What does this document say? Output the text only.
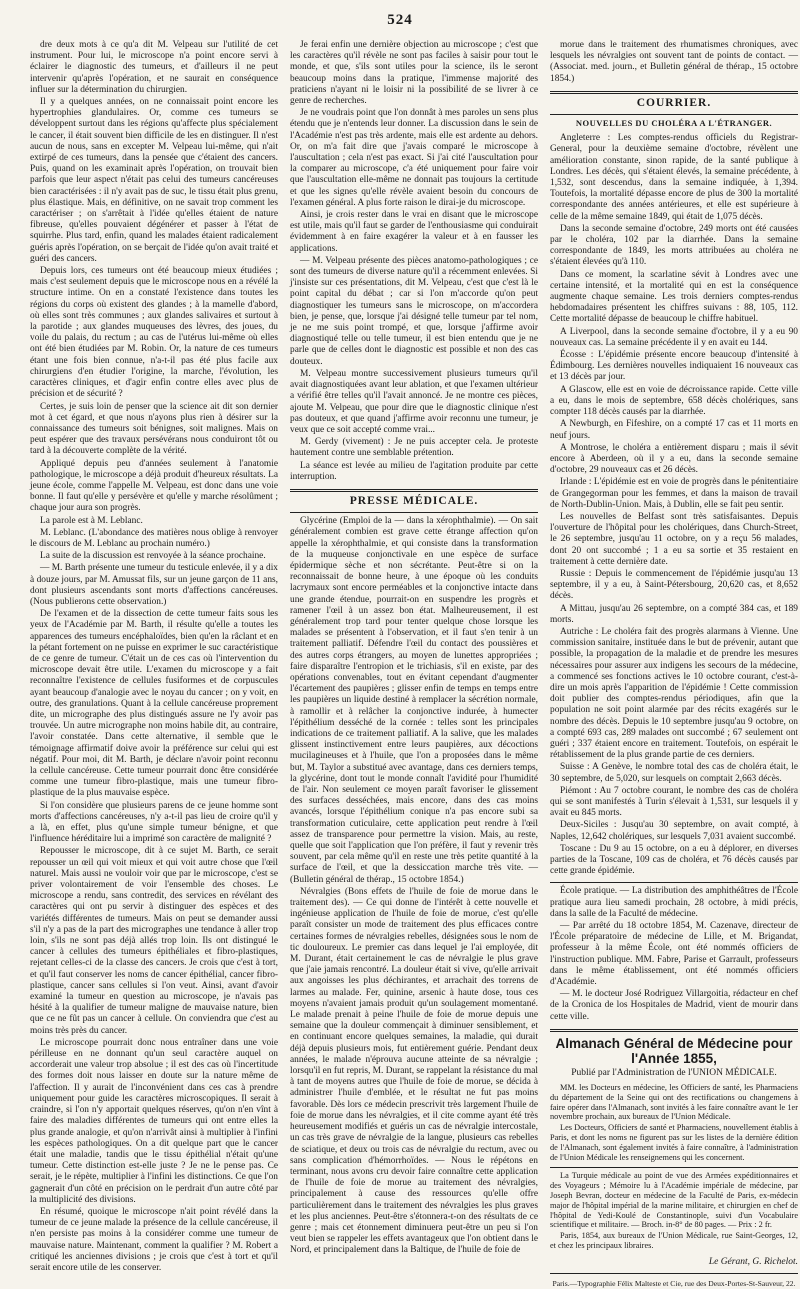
524

dre deux mots à ce qu'a dit M. Velpeau sur l'utilité de cet instrument. Pour lui, le microscope n'a point encore servi à éclairer le diagnostic des tumeurs, et d'ailleurs il ne peut intervenir qu'après l'opération, et ne saurait en conséquence influer sur la détermination du chirurgien.

Il y a quelques années, on ne connaissait point encore les hypertrophies glandulaires. Or, comme ces tumeurs se développent surtout dans les régions qu'affecte plus spécialement le cancer, il était souvent bien difficile de les en distinguer. Il n'est aucun de nous, sans en excepter M. Velpeau lui-même, qui n'ait extirpé de ces tumeurs, dans la pensée que c'étaient des cancers. Puis, quand on les examinait après l'opération, on trouvait bien parfois que leur aspect n'était pas celui des tumeurs cancéreuses bien caractérisées : il n'y avait pas de suc, le tissu était plus grenu, plus élastique. Mais, en définitive, on ne savait trop comment les caractériser ; on s'arrêtait à l'idée qu'elles étaient de nature fibreuse, qu'elles pouvaient dégénérer et passer à l'état de squirrhe. Plus tard, enfin, quand les malades étaient radicalement guéris après l'opération, on se berçait de l'idée qu'on avait traité et guéri des cancers.

Depuis lors, ces tumeurs ont été beaucoup mieux étudiées ; mais c'est seulement depuis que le microscope nous en a révélé la structure intime. On en a constaté l'existence dans toutes les régions du corps où existent des glandes ; à la mamelle d'abord, où elles sont très communes ; aux glandes salivaires et surtout à la parotide ; aux glandes muqueuses des lèvres, des joues, du voile du palais, du rectum ; au cas de l'utérus lui-même où elles ont été bien étudiées par M. Robin. Or, la nature de ces tumeurs étant une fois bien connue, n'a-t-il pas été plus facile aux chirurgiens d'en étudier l'origine, la marche, l'évolution, les caractères cliniques, et d'agir enfin contre elles avec plus de précision et de sécurité ?

Certes, je suis loin de penser que la science ait dit son dernier mot à cet égard, et que nous n'ayons plus rien à désirer sur la connaissance des tumeurs soit bénignes, soit malignes. Mais on peut espérer que des travaux persévérans nous conduiront tôt ou tard à la découverte complète de la vérité.

Appliqué depuis peu d'années seulement à l'anatomie pathologique, le microscope a déjà produit d'heureux résultats. La jeune école, comme l'appelle M. Velpeau, est donc dans une voie bonne. Il faut qu'elle y persévère et qu'elle y marche résolûment ; chaque jour aura son progrès.

La parole est à M. Leblanc.

M. Leblanc. (L'abondance des matières nous oblige à renvoyer le discours de M. Leblanc au prochain numéro.)

La suite de la discussion est renvoyée à la séance prochaine.

— M. Barth présente une tumeur du testicule enlevée, il y a dix à douze jours, par M. Amussat fils, sur un jeune garçon de 11 ans, dont plusieurs ascendants sont morts d'affections cancéreuses. (Nous publierons cette observation.)

De l'examen et de la dissection de cette tumeur faits sous les yeux de l'Académie par M. Barth, il résulte qu'elle a toutes les apparences des tumeurs encéphaloïdes, bien qu'en la râclant et en la pétant fortement on ne puisse en exprimer le suc caractéristique de ce genre de tumeur. C'était un de ces cas où l'intervention du microscope devait être utile. L'examen du microscope y a fait reconnaître l'existence de cellules fusiformes et de corpuscules ayant beaucoup d'analogie avec le noyau du cancer ; on y voit, en outre, des granulations. Quant à la cellule cancéreuse proprement dite, un micrographe des plus distingués assure ne l'y avoir pas trouvée. Un autre micrographe non moins habile dit, au contraire, l'avoir constatée. Dans cette alternative, il semble que le témoignage affirmatif doive avoir la préférence sur celui qui est négatif. Pour moi, dit M. Barth, je déclare n'avoir point reconnu la cellule cancéreuse. Cette tumeur pourrait donc être considérée comme une tumeur fibro-plastique, mais une tumeur fibro-plastique de la plus mauvaise espèce.

Si l'on considère que plusieurs parens de ce jeune homme sont morts d'affections cancéreuses, n'y a-t-il pas lieu de croire qu'il y a là, en effet, plus qu'une simple tumeur bénigne, et que l'influence héréditaire lui a imprimé son caractère de malignité ?

Repousser le microscope, dit à ce sujet M. Barth, ce serait repousser un œil qui voit mieux et qui voit autre chose que l'œil naturel. Mais aussi ne vouloir voir que par le microscope, c'est se priver volontairement de voir l'ensemble des choses. Le microscope a rendu, sans contredit, des services en révélant des caractères qui ont pu servir à distinguer des espèces et des variétés différentes de tumeurs. Mais on peut se demander aussi s'il n'y a pas de la part des micrographes une tendance à aller trop loin, s'ils ne sont pas déjà allés trop loin. Ils ont distingué le cancer à cellules des tumeurs épithéliales et fibro-plastiques, rejetant celles-ci de la classe des cancers. Je crois que c'est à tort, et qu'il faut conserver les noms de cancer épithélial, cancer fibro-plastique, cancer sans cellules si l'on veut. Ainsi, avant d'avoir examiné la tumeur en question au microscope, je n'avais pas hésité à la qualifier de tumeur maligne de mauvaise nature, bien que ce ne fût pas un cancer à cellule. On conviendra que c'est au moins très près du cancer.

Le microscope pourrait donc nous entraîner dans une voie périlleuse en ne donnant qu'un seul caractère auquel on accorderait une valeur trop absolue ; il est des cas où l'incertitude des formes doit nous laisser en doute sur la nature même de l'affection. Il y aurait de l'inconvénient dans ces cas à prendre uniquement pour guide les caractères microscopiques. Il serait à craindre, si l'on n'y apportait quelques réserves, qu'on n'en vînt à faire des maladies différentes de tumeurs qui ont entre elles la plus grande analogie, et qu'on n'arrivât ainsi à multiplier à l'infini les espèces pathologiques. On a dit quelque part que le cancer était une maladie, tandis que le tissu épithélial n'était qu'une tumeur. Cette distinction est-elle juste ? Je ne le pense pas. Ce serait, je le répète, multiplier à l'infini les distinctions. Ce que l'on gagnerait d'un côté en précision on le perdrait d'un autre côté par la multiplicité des divisions.

En résumé, quoique le microscope n'ait point révélé dans la tumeur de ce jeune malade la présence de la cellule cancéreuse, il n'en persiste pas moins à la considérer comme une tumeur de mauvaise nature. Maintenant, comment la qualifier ? M. Robert a critiqué les anciennes divisions ; je crois que c'est à tort et qu'il serait encore utile de les conserver.

Je ferai enfin une dernière objection au microscope ; c'est que les caractères qu'il révèle ne sont pas faciles à saisir pour tout le monde, et que, s'ils sont utiles pour la science, ils le seront beaucoup moins dans la pratique, l'immense majorité des praticiens n'ayant ni le loisir ni la possibilité de se livrer à ce genre de recherches.

Je ne voudrais point que l'on donnât à mes paroles un sens plus étendu que je n'entends leur donner. La discussion dans le sein de l'Académie n'est pas très ardente, mais elle est ardente au dehors. Or, on m'a fait dire que j'avais comparé le microscope à l'auscultation ; cela n'est pas exact. Si j'ai cité l'auscultation pour la comparer au microscope, c'a été uniquement pour faire voir que l'auscultation elle-même ne donnait pas toujours la certitude et que les signes qu'elle révèle avaient besoin du concours de l'examen général. A plus forte raison le dirai-je du microscope.

Ainsi, je crois rester dans le vrai en disant que le microscope est utile, mais qu'il faut se garder de l'enthousiasme qui conduirait évidemment à en faire exagérer la valeur et à en fausser les applications.

— M. Velpeau présente des pièces anatomo-pathologiques ; ce sont des tumeurs de diverse nature qu'il a récemment enlevées. Si j'insiste sur ces présentations, dit M. Velpeau, c'est que c'est là le point capital du débat ; car si l'on m'accorde qu'on peut diagnostiquer les tumeurs sans le microscope, on m'accordera bien, je pense, que, lorsque j'ai désigné telle tumeur par tel nom, je ne me suis point trompé, et que, lorsque j'affirme avoir diagnostiqué telle ou telle tumeur, il est bien entendu que je ne parle que de celles dont le diagnostic est possible et non des cas douteux.

M. Velpeau montre successivement plusieurs tumeurs qu'il avait diagnostiquées avant leur ablation, et que l'examen ultérieur a vérifié être telles qu'il l'avait annoncé. Je ne montre ces pièces, ajoute M. Velpeau, que pour dire que le diagnostic clinique n'est pas douteux, et que quand j'affirme avoir reconnu une tumeur, je veux que ce soit accepté comme vrai...

M. Gerdy (vivement) : Je ne puis accepter cela. Je proteste hautement contre une semblable prétention.

La séance est levée au milieu de l'agitation produite par cette interruption.

PRESSE MÉDICALE.

Glycérine (Emploi de la — dans la xérophthalmie). — On sait généralement combien est grave cette étrange affection qu'on appelle la xérophthalmie, et qui consiste dans la transformation de la muqueuse conjonctivale en une espèce de surface épidermique sèche et non sécrétante. Peut-être si on la reconnaissait de bonne heure, à une époque où les conduits lacrymaux sont encore perméables et la conjonctive intacte dans une grande étendue, pourrait-on en suspendre les progrès et ramener l'œil à un assez bon état. Malheureusement, il est généralement trop tard pour tenter quelque chose lorsque les malades se présentent à l'observation, et il faut s'en tenir à un traitement palliatif. Défendre l'œil du contact des poussières et des autres corps étrangers, au moyen de lunettes appropriées ; faire disparaître l'entropion et le trichiasis, s'il en existe, par des opérations convenables, tout en évitant cependant d'augmenter l'écartement des paupières ; glisser enfin de temps en temps entre les paupières un liquide destiné à remplacer la sécrétion normale, à ramollir et à relâcher la conjonctive indurée, à humecter l'épithélium desséché de la cornée : telles sont les principales indications de ce traitement palliatif. A la salive, que les malades glissent instinctivement entre leurs paupières, aux décoctions mucilagineuses et à l'huile, que l'on a proposées dans le même but, M. Taylor a substitué avec avantage, dans ces derniers temps, la glycérine, dont tout le monde connaît l'avidité pour l'humidité de l'air. Non seulement ce moyen paraît favoriser le glissement des surfaces desséchées, mais encore, dans des cas moins avancés, lorsque l'épithélium conique n'a pas encore subi sa transformation cuticulaire, cette application peut rendre à l'œil assez de transparence pour permettre la vision. Mais, au reste, quelle que soit l'application que l'on préfère, il faut y revenir très souvent, par cela même qu'il en reste une très petite quantité à la surface de l'œil, et que la dessiccation marche très vite. — (Bulletin général de thérap., 15 octobre 1854.)

Névralgies (Bons effets de l'huile de foie de morue dans le traitement des). — Ce qui donne de l'intérêt à cette nouvelle et ingénieuse application de l'huile de foie de morue, c'est qu'elle paraît consister un mode de traitement des plus efficaces contre certaines formes de névralgies rebelles, désignées sous le nom de tic douloureux. Le premier cas dans lequel je l'ai employée, dit M. Durant, était certainement le cas de névralgie le plus grave que j'aie jamais rencontré. La douleur était si vive, qu'elle arrivait aux angoisses les plus déchirantes, et arrachait des torrens de larmes au malade. Fer, quinine, arsenic à haute dose, tous ces moyens n'avaient jamais produit qu'un soulagement momentané. Le malade prenait à peine l'huile de foie de morue depuis une semaine que la douleur commençait à diminuer sensiblement, et en continuant encore quelques semaines, la maladie, qui durait déjà depuis plusieurs mois, fut entièrement guérie. Pendant deux années, le malade n'éprouva aucune atteinte de sa névralgie ; lorsqu'il en fut repris, M. Durant, se rappelant la résistance du mal à tant de moyens autres que l'huile de foie de morue, se décida à administrer l'huile d'emblée, et le résultat ne fut pas moins favorable. Dès lors ce médecin prescrivit très largement l'huile de foie de morue dans les névralgies, et il cite comme ayant été très heureusement modifiés et guéris un cas de névralgie intercostale, un cas très grave de névralgie de la langue, plusieurs cas rebelles de sciatique, et deux ou trois cas de névralgie du rectum, avec ou sans complication d'hémorrhoïdes. — Nous le répétons en terminant, nous avons cru devoir faire connaître cette application de l'huile de foie de morue au traitement des névralgies, principalement à cause des ressources qu'elle offre particulièrement dans le traitement des névralgies les plus graves et les plus anciennes. Peut-être s'étonnera-t-on des résultats de ce genre ; mais cet étonnement diminuera peut-être un peu si l'on veut bien se rappeler les effets avantageux que l'on obtient dans le Nord, et principalement dans la Baltique, de l'huile de foie de

morue dans le traitement des rhumatismes chroniques, avec lesquels les névralgies ont souvent tant de points de contact. — (Associat. med. journ., et Bulletin général de thérap., 15 octobre 1854.)

COURRIER.
NOUVELLES DU CHOLÉRA A L'ÉTRANGER.

Angleterre : Les comptes-rendus officiels du Registrar-General, pour la deuxième semaine d'octobre, révèlent une amélioration constante, sinon rapide, de la santé publique à Londres. Les décès, qui s'étaient élevés, la semaine précédente, à 1,532, sont descendus, dans la semaine indiquée, à 1,394. Toutefois, la mortalité dépasse encore de plus de 300 la mortalité correspondante des années antérieures, et elle est supérieure à celle de la même semaine 1849, qui était de 1,075 décès.

Dans la seconde semaine d'octobre, 249 morts ont été causées par le choléra, 102 par la diarrhée. Dans la semaine correspondante de 1849, les morts attribuées au choléra ne s'étaient élevées qu'à 110.

Dans ce moment, la scarlatine sévit à Londres avec une certaine intensité, et la mortalité qui en est la conséquence augmente chaque semaine. Les trois derniers comptes-rendus hebdomadaires présentent les chiffres suivans : 88, 105, 112. Cette mortalité dépasse de beaucoup le chiffre habituel.

A Liverpool, dans la seconde semaine d'octobre, il y a eu 90 nouveaux cas. La semaine précédente il y en avait eu 144.

Écosse : L'épidémie présente encore beaucoup d'intensité à Édimbourg. Les dernières nouvelles indiquaient 16 nouveaux cas et 13 décès par jour.

A Glascow, elle est en voie de décroissance rapide. Cette ville a eu, dans le mois de septembre, 658 décès cholériques, sans compter 118 décès causés par la diarrhée.

A Newburgh, en Fifeshire, on a compté 17 cas et 11 morts en neuf jours.

A Montrose, le choléra a entièrement disparu ; mais il sévit encore à Aberdeen, où il y a eu, dans la seconde semaine d'octobre, 29 nouveaux cas et 26 décès.

Irlande : L'épidémie est en voie de progrès dans le pénitentiaire de Grangegorman pour les femmes, et dans la maison de travail de North-Dublin-Union. Mais, à Dublin, elle se fait peu sentir.

Les nouvelles de Belfast sont très satisfaisantes. Depuis l'ouverture de l'hôpital pour les cholériques, dans Church-Street, le 26 septembre, jusqu'au 11 octobre, on y a reçu 56 malades, dont 20 ont succombé ; 1 a eu sa sortie et 35 restaient en traitement à cette dernière date.

Russie : Depuis le commencement de l'épidémie jusqu'au 13 septembre, il y a eu, à Saint-Pétersbourg, 20,620 cas, et 8,652 décès.

A Mittau, jusqu'au 26 septembre, on a compté 384 cas, et 189 morts.

Autriche : Le choléra fait des progrès alarmans à Vienne. Une commission sanitaire, instituée dans le but de prévenir, autant que possible, la propagation de la maladie et de prendre les mesures nécessaires pour assurer aux indigens les secours de la médecine, a commencé ses fonctions actives le 10 octobre courant, c'est-à-dire un mois après l'apparition de l'épidémie ! Cette commission doit publier des comptes-rendus périodiques, afin que la population ne soit point alarmée par des récits exagérés sur le nombre des décès. Depuis le 10 septembre jusqu'au 9 octobre, on a compté 693 cas, 289 malades ont succombé ; 67 seulement ont guéri ; 337 étaient encore en traitement. Toutefois, on espérait le rétablissement de la plus grande partie de ces derniers.

Suisse : A Genève, le nombre total des cas de choléra était, le 30 septembre, de 5,020, sur lesquels on comptait 2,663 décès.

Piémont : Au 7 octobre courant, le nombre des cas de choléra qui se sont manifestés à Turin s'élevait à 1,531, sur lesquels il y avait eu 845 morts.

Deux-Siciles : Jusqu'au 30 septembre, on avait compté, à Naples, 12,642 cholériques, sur lesquels 7,031 avaient succombé.

Toscane : Du 9 au 15 octobre, on a eu à déplorer, en diverses parties de la Toscane, 109 cas de choléra, et 76 décès causés par cette grande épidémie.

École pratique. — La distribution des amphithéâtres de l'École pratique aura lieu samedi prochain, 28 octobre, à midi précis, dans la salle de la Faculté de médecine.

— Par arrêté du 18 octobre 1854, M. Cazenave, directeur de l'École préparatoire de médecine de Lille, et M. Brigandat, professeur à la même École, ont été nommés officiers de l'instruction publique. MM. Fabre, Parise et Garrault, professeurs dans le même établissement, ont été nommés officiers d'Académie.

— M. le docteur José Rodriguez Villargoitia, rédacteur en chef de la Cronica de los Hospitales de Madrid, vient de mourir dans cette ville.

Almanach Général de Médecine pour l'Année 1855,
Publié par l'Administration de l'UNION MÉDICALE.

MM. les Docteurs en médecine, les Officiers de santé, les Pharmaciens du département de la Seine qui ont des rectifications ou changemens à faire opérer dans l'Almanach, sont invités à les faire connaître avant le 1er novembre prochain, aux bureaux de l'Union Médicale.

Les Docteurs, Officiers de santé et Pharmaciens, nouvellement établis à Paris, et dont les noms ne figurent pas sur les listes de la dernière édition de l'Almanach, sont également invités à faire connaître, à l'administration de l'Union Médicale les renseignemens qui les concernent.

La Turquie médicale au point de vue des Armées expéditionnaires et des Voyageurs ; Mémoire lu à l'Académie impériale de médecine, par Joseph Bevran, docteur en médecine de la Faculté de Paris, ex-médecin major de l'hôpital impérial de la marine militaire, et chirurgien en chef de l'hôpital de Yedi-Koulé de Constantinople, suivi d'un Vocabulaire scientifique et militaire. — Broch. in-8° de 80 pages. — Prix : 2 fr.

Paris, 1854, aux bureaux de l'Union Médicale, rue Saint-Georges, 12, et chez les principaux libraires.

Le Gérant, G. Richelot.
Paris.—Typographie Félix Malteste et Cie, rue des Deux-Portes-St-Sauveur, 22.
